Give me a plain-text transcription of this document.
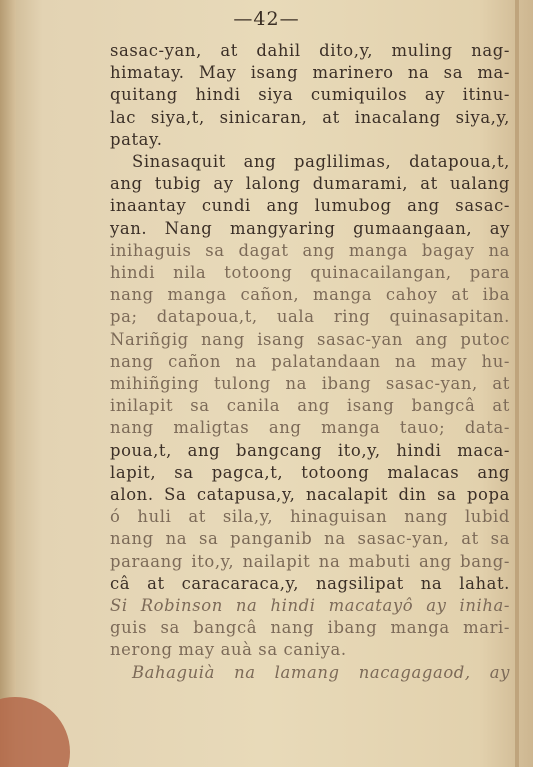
—42—
sasac-yan, at dahil dito,y, muling nag-
himatay. May isang marinero na sa ma-
quitang hindi siya cumiquilos ay itinu-
lac siya,t, sinicaran, at inacalang siya,y,
patay.
Sinasaquit ang paglilimas, datapoua,t,
ang tubig ay lalong dumarami, at ualang
inaantay cundi ang lumubog ang sasac-
yan. Nang mangyaring gumaangaan, ay
inihaguis sa dagat ang manga bagay na
hindi nila totoong quinacailangan, para
nang manga cañon, manga cahoy at iba
pa; datapoua,t, uala ring quinasapitan.
Nariñgig nang isang sasac-yan ang putoc
nang cañon na palatandaan na may hu-
mihiñging tulong na ibang sasac-yan, at
inilapit sa canila ang isang bangcâ at
nang maligtas ang manga tauo; data-
poua,t, ang bangcang ito,y, hindi maca-
lapit, sa pagca,t, totoong malacas ang
alon. Sa catapusa,y, nacalapit din sa popa
ó huli at sila,y, hinaguisan nang lubid
nang na sa panganib na sasac-yan, at sa
paraang ito,y, nailapit na mabuti ang bang-
câ at caracaraca,y, nagsilipat na lahat.
Si Robinson na hindi macatayô ay iniha-
guis sa bangcâ nang ibang manga mari-
nerong may auà sa caniya.
Bahaguià na lamang nacagagaod, ay
